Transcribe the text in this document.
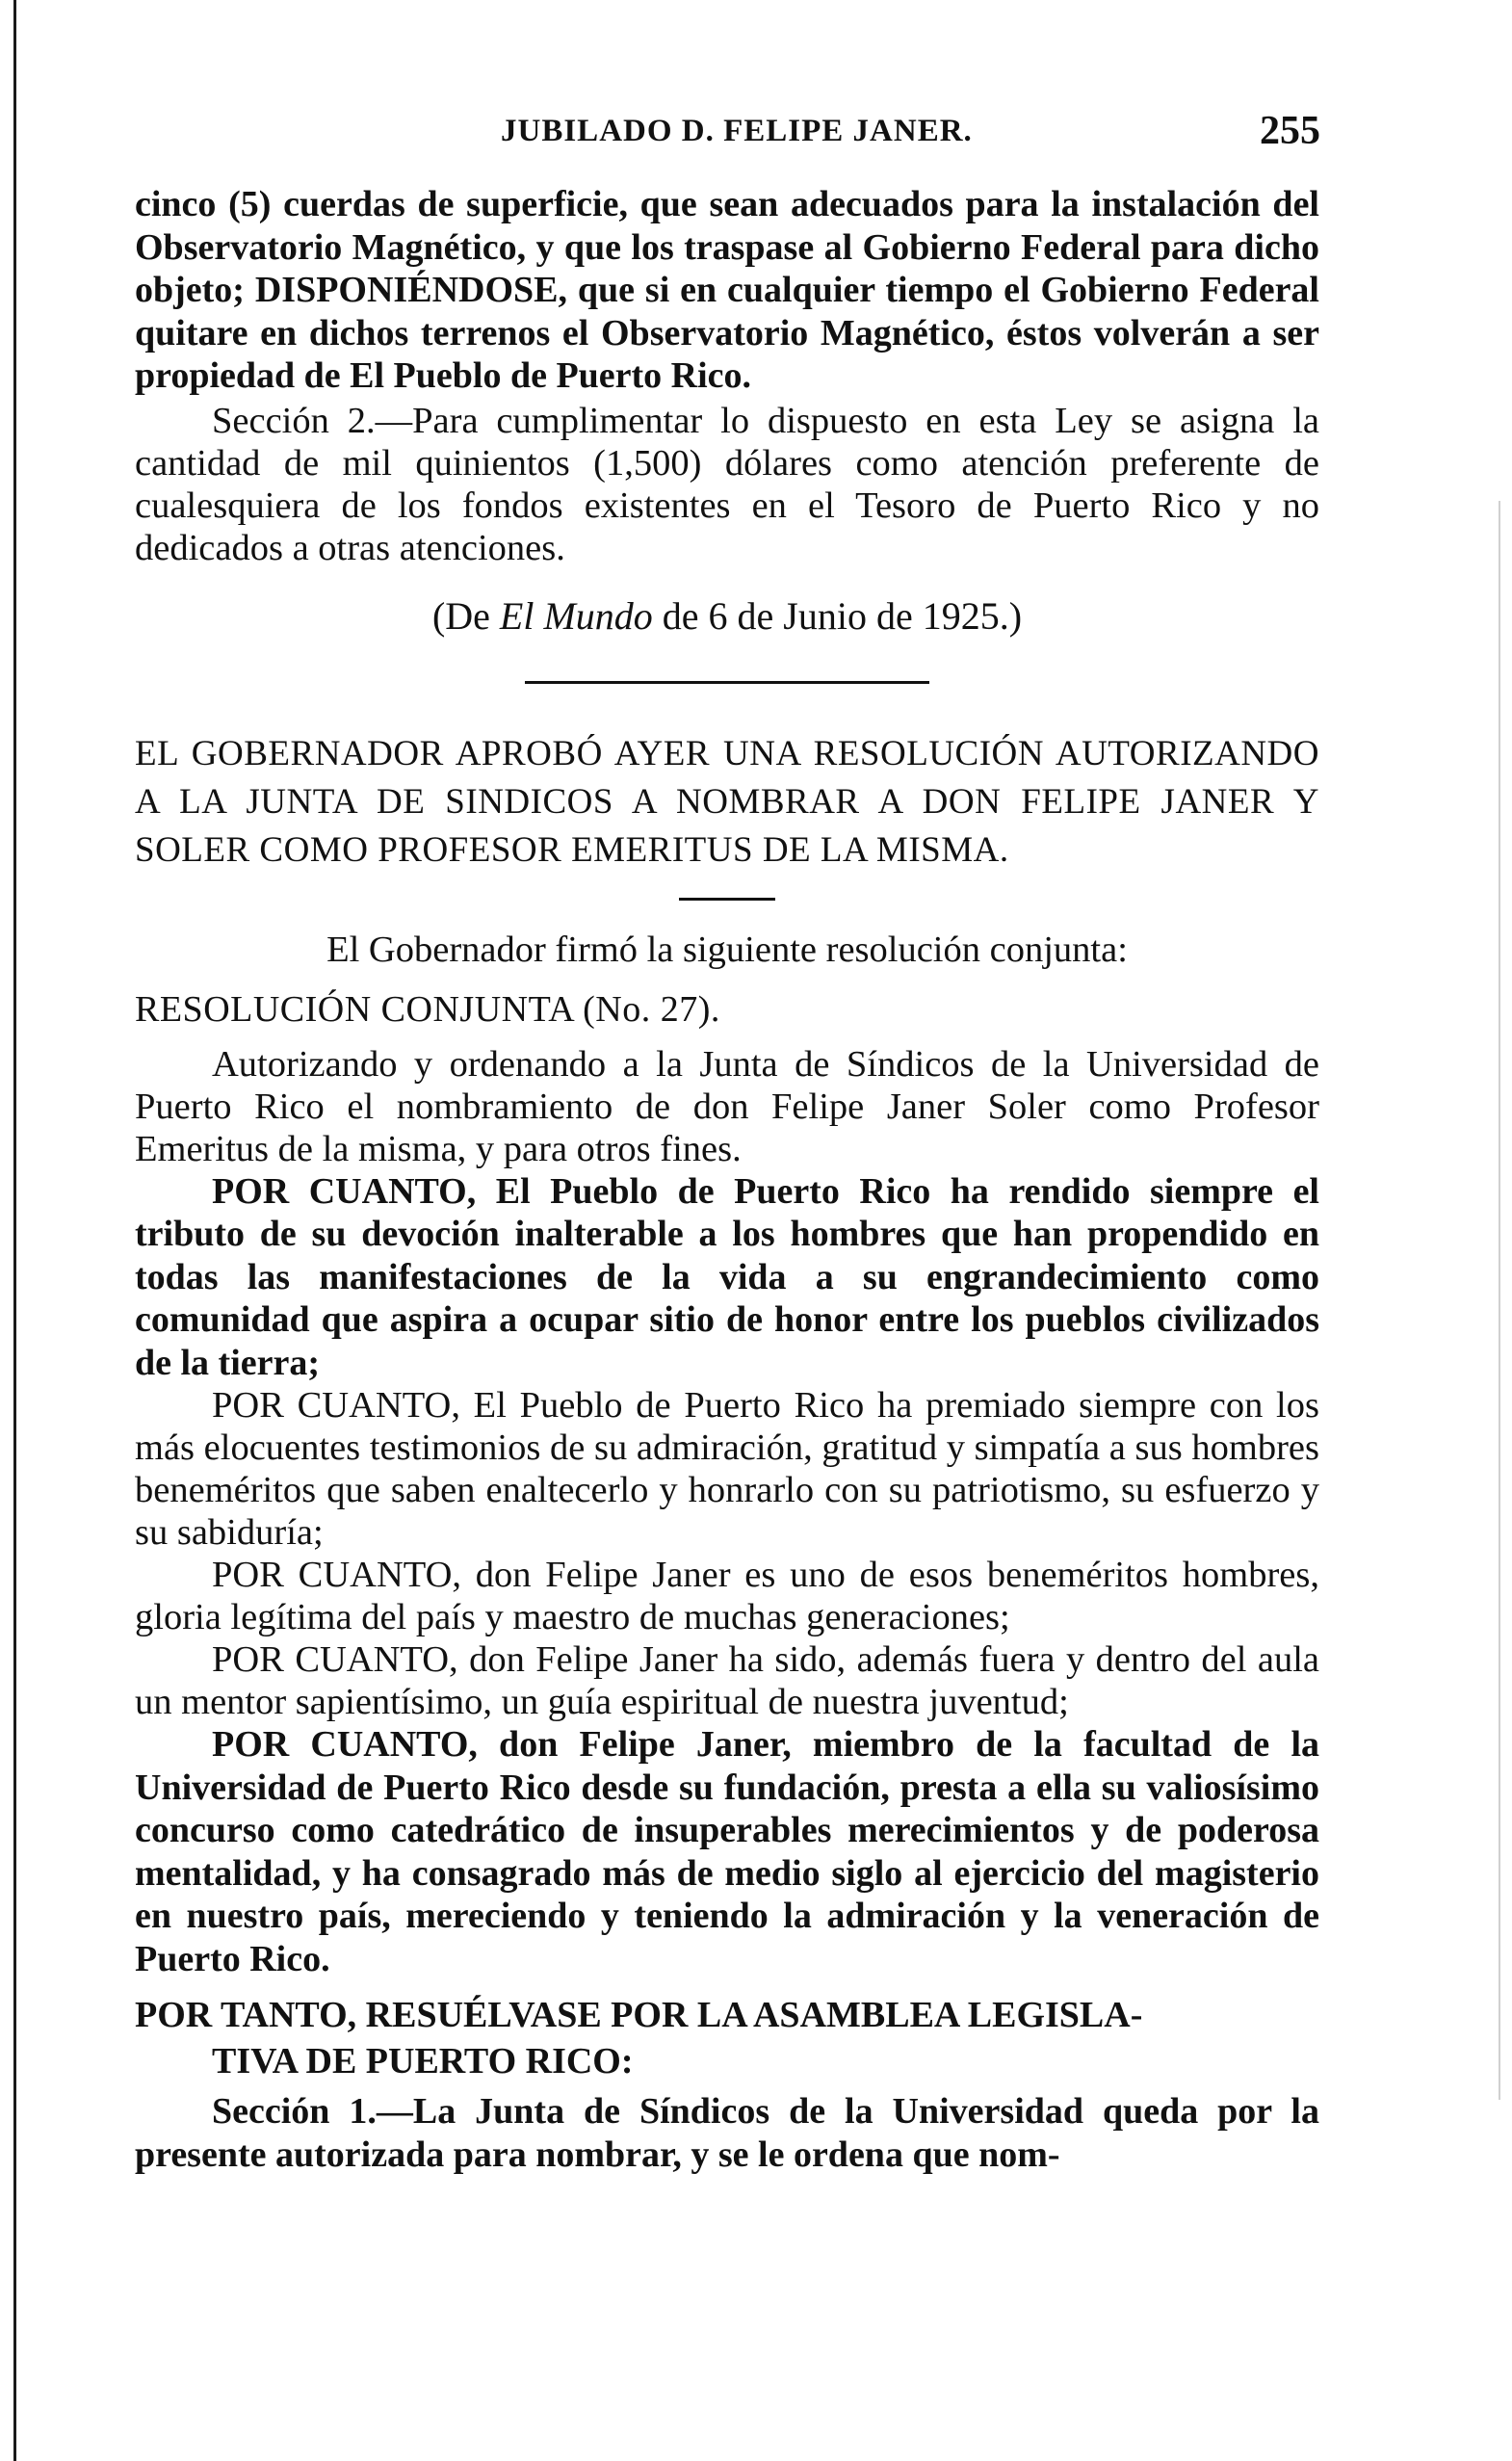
JUBILADO D. FELIPE JANER.	255

cinco (5) cuerdas de superficie, que sean adecuados para la instalación del Observatorio Magnético, y que los traspase al Gobierno Federal para dicho objeto; DISPONIÉNDOSE, que si en cualquier tiempo el Gobierno Federal quitare en dichos terrenos el Observatorio Magnético, éstos volverán a ser propiedad de El Pueblo de Puerto Rico.

Sección 2.—Para cumplimentar lo dispuesto en esta Ley se asigna la cantidad de mil quinientos (1,500) dólares como atención preferente de cualesquiera de los fondos existentes en el Tesoro de Puerto Rico y no dedicados a otras atenciones.

(De El Mundo de 6 de Junio de 1925.)

EL GOBERNADOR APROBÓ AYER UNA RESOLUCIÓN AUTORIZANDO A LA JUNTA DE SINDICOS A NOMBRAR A DON FELIPE JANER Y SOLER COMO PROFESOR EMERITUS DE LA MISMA.

El Gobernador firmó la siguiente resolución conjunta:
RESOLUCIÓN CONJUNTA (No. 27).

Autorizando y ordenando a la Junta de Síndicos de la Universidad de Puerto Rico el nombramiento de don Felipe Janer Soler como Profesor Emeritus de la misma, y para otros fines.

POR CUANTO, El Pueblo de Puerto Rico ha rendido siempre el tributo de su devoción inalterable a los hombres que han propendido en todas las manifestaciones de la vida a su engrandecimiento como comunidad que aspira a ocupar sitio de honor entre los pueblos civilizados de la tierra;

POR CUANTO, El Pueblo de Puerto Rico ha premiado siempre con los más elocuentes testimonios de su admiración, gratitud y simpatía a sus hombres beneméritos que saben enaltecerlo y honrarlo con su patriotismo, su esfuerzo y su sabiduría;

POR CUANTO, don Felipe Janer es uno de esos beneméritos hombres, gloria legítima del país y maestro de muchas generaciones;

POR CUANTO, don Felipe Janer ha sido, además fuera y dentro del aula un mentor sapientísimo, un guía espiritual de nuestra juventud;

POR CUANTO, don Felipe Janer, miembro de la facultad de la Universidad de Puerto Rico desde su fundación, presta a ella su valiosísimo concurso como catedrático de insuperables merecimientos y de poderosa mentalidad, y ha consagrado más de medio siglo al ejercicio del magisterio en nuestro país, mereciendo y teniendo la admiración y la veneración de Puerto Rico.

POR TANTO, RESUÉLVASE POR LA ASAMBLEA LEGISLA-
TIVA DE PUERTO RICO:

Sección 1.—La Junta de Síndicos de la Universidad queda por la presente autorizada para nombrar, y se le ordena que nom-
